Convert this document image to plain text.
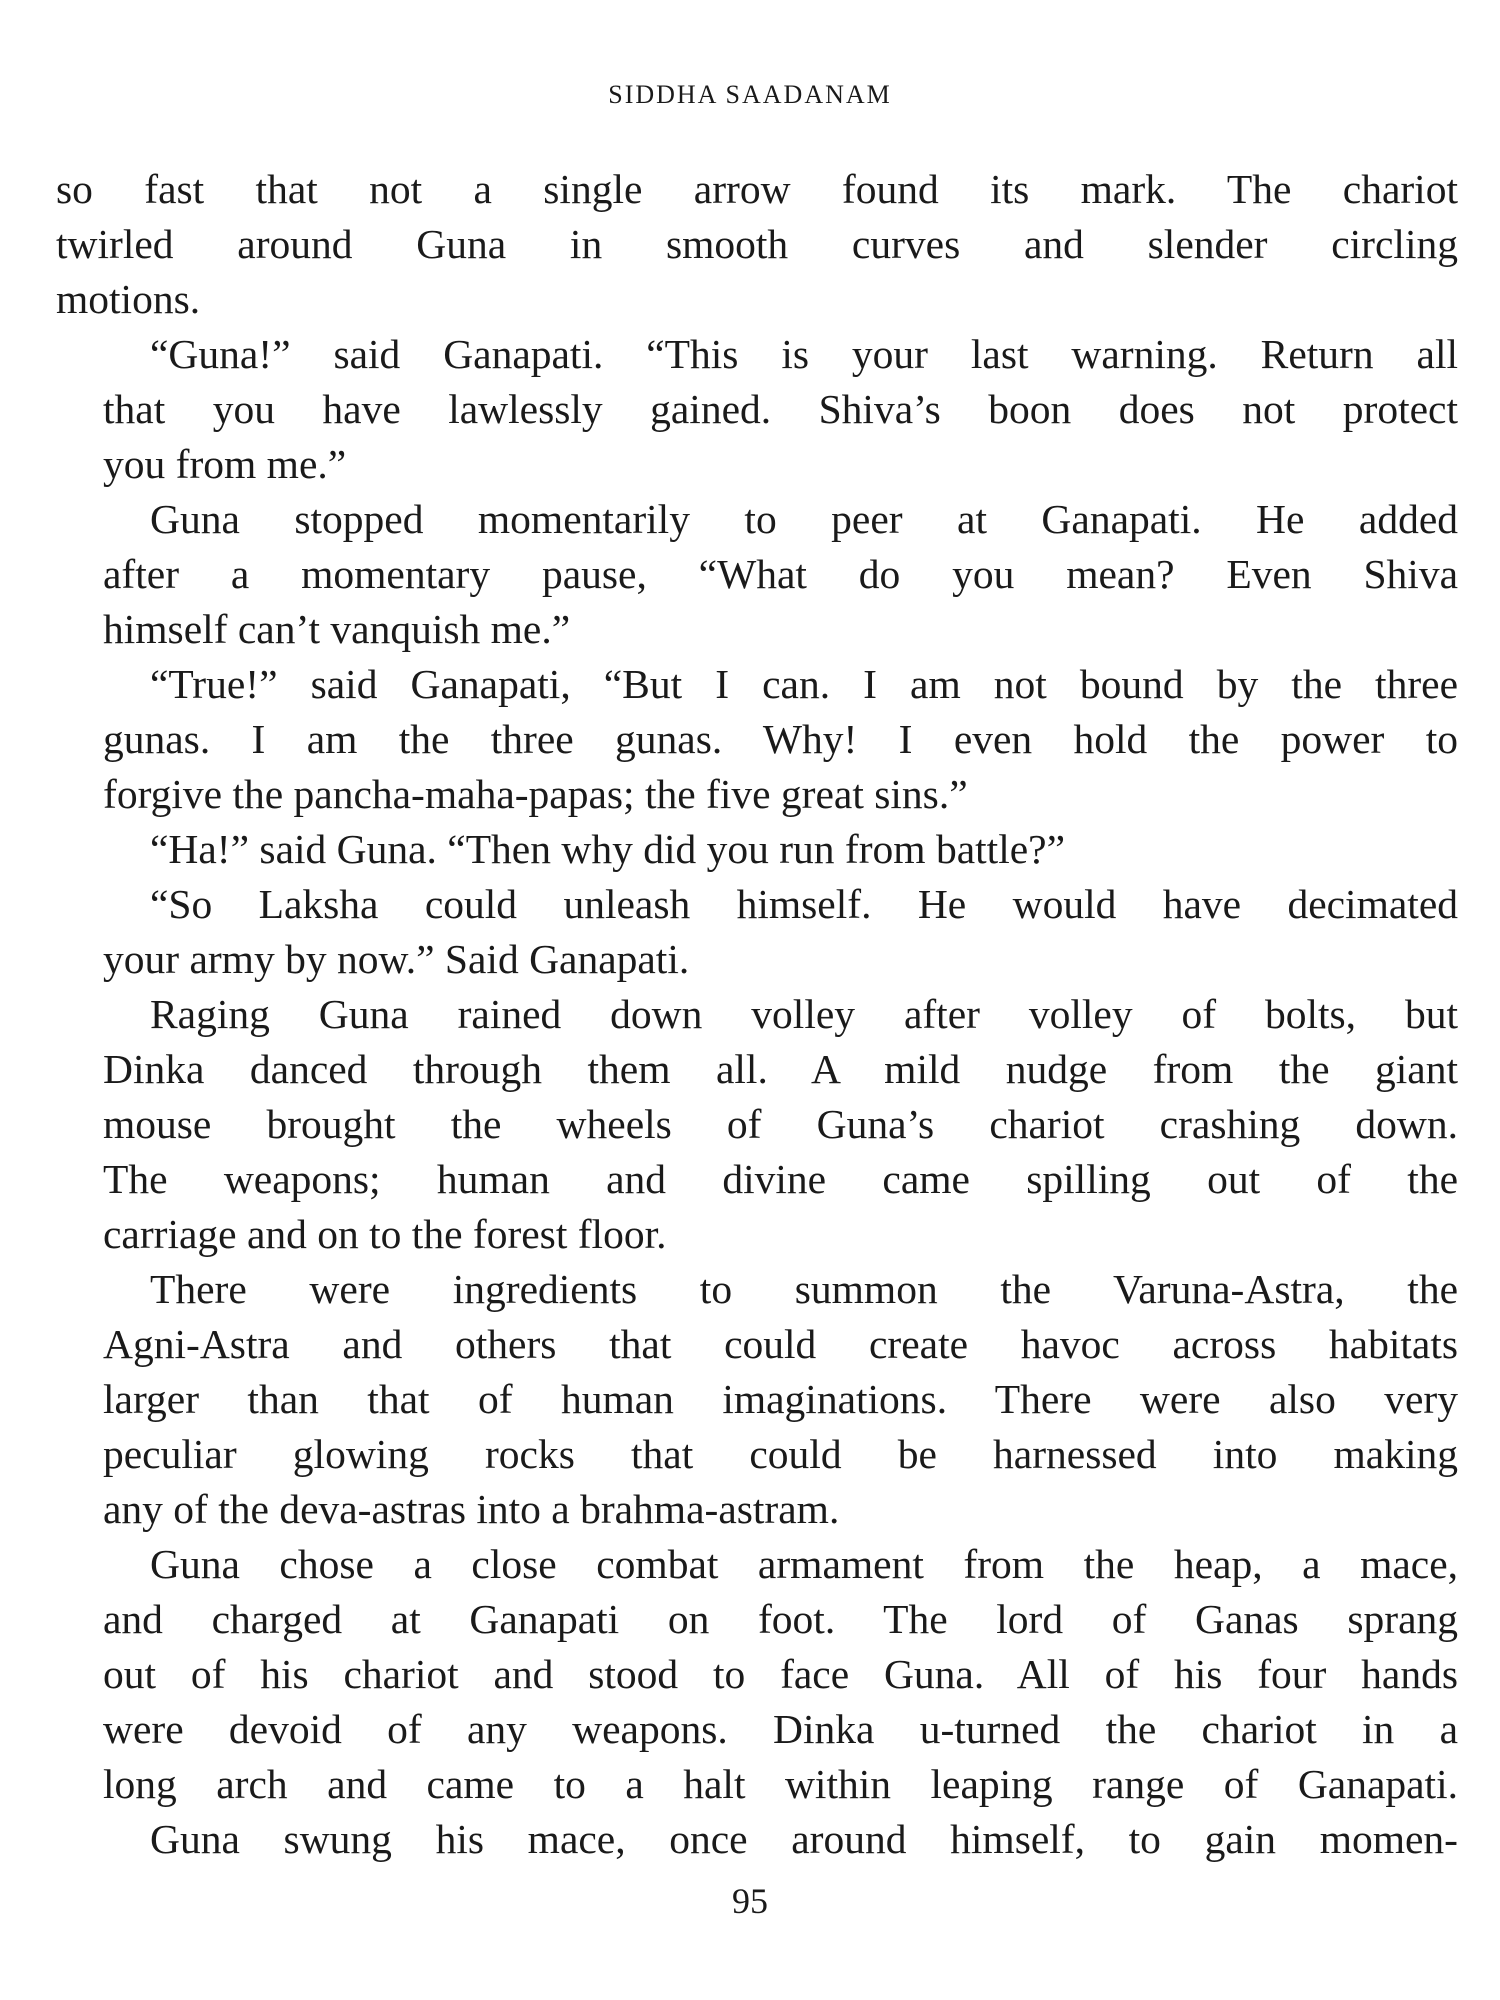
SIDDHA SAADANAM
so fast that not a single arrow found its mark. The chariot
twirled around Guna in smooth curves and slender circling
motions.
“Guna!” said Ganapati. “This is your last warning. Return all
that you have lawlessly gained. Shiva’s boon does not protect
you from me.”
Guna stopped momentarily to peer at Ganapati. He added
after a momentary pause, “What do you mean? Even Shiva
himself can’t vanquish me.”
“True!” said Ganapati, “But I can. I am not bound by the three
gunas. I am the three gunas. Why! I even hold the power to
forgive the pancha-maha-papas; the five great sins.”
“Ha!” said Guna. “Then why did you run from battle?”
“So Laksha could unleash himself. He would have decimated
your army by now.” Said Ganapati.
Raging Guna rained down volley after volley of bolts, but
Dinka danced through them all. A mild nudge from the giant
mouse brought the wheels of Guna’s chariot crashing down.
The weapons; human and divine came spilling out of the
carriage and on to the forest floor.
There were ingredients to summon the Varuna-Astra, the
Agni-Astra and others that could create havoc across habitats
larger than that of human imaginations. There were also very
peculiar glowing rocks that could be harnessed into making
any of the deva-astras into a brahma-astram.
Guna chose a close combat armament from the heap, a mace,
and charged at Ganapati on foot. The lord of Ganas sprang
out of his chariot and stood to face Guna. All of his four hands
were devoid of any weapons. Dinka u-turned the chariot in a
long arch and came to a halt within leaping range of Ganapati.
Guna swung his mace, once around himself, to gain momen-
95
